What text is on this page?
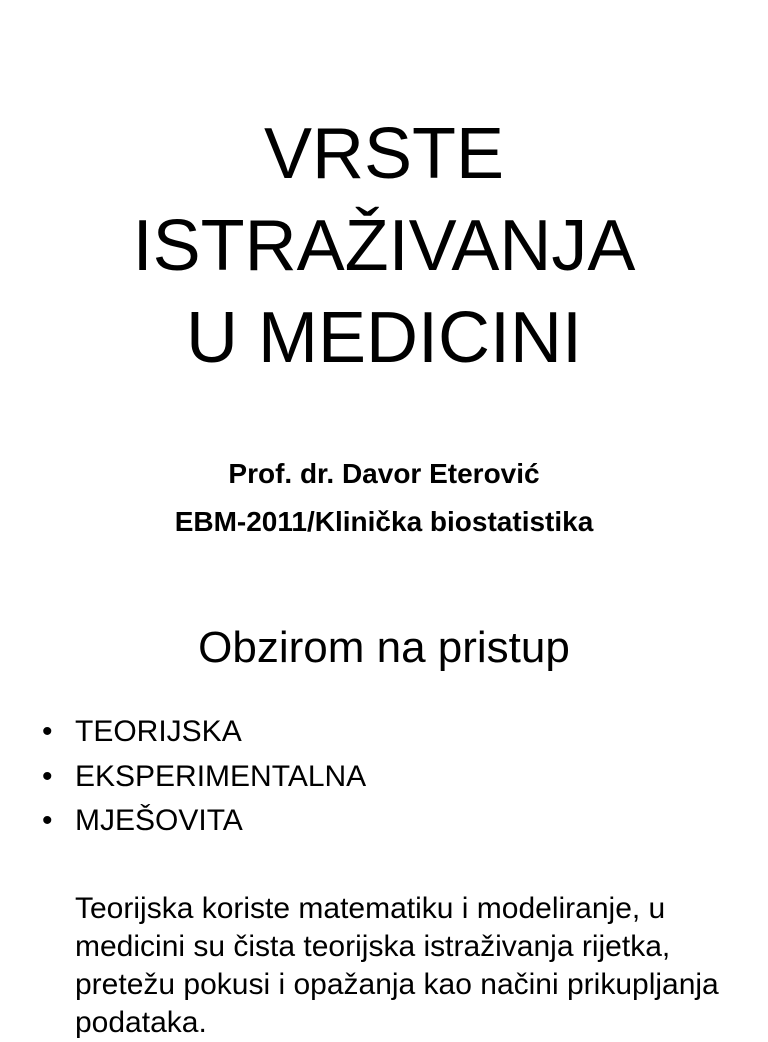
VRSTE
ISTRAŽIVANJA
U MEDICINI
Prof. dr. Davor Eterović
EBM-2011/Klinička biostatistika
Obzirom na pristup
• TEORIJSKA
• EKSPERIMENTALNA
• MJEŠOVITA

Teorijska koriste matematiku i modeliranje, u medicini su čista teorijska istraživanja rijetka, pretežu pokusi i opažanja kao načini prikupljanja podataka.
